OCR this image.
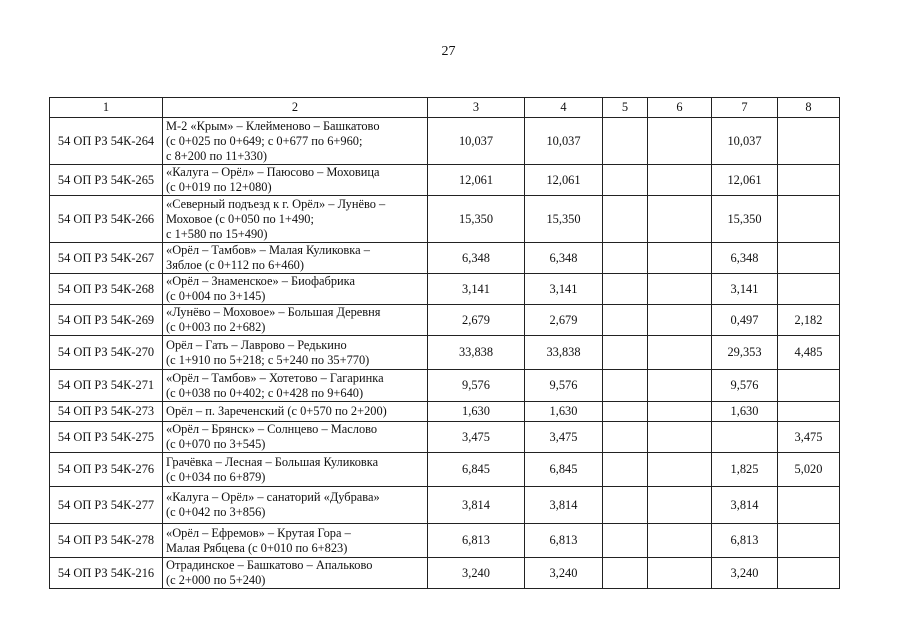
27
1	2	3	4	5	6	7	8
54 ОП РЗ 54К-264	М-2 «Крым» – Клейменово – Башкатово
(с 0+025 по 0+649; с 0+677 по 6+960;
с 8+200 по 11+330)	10,037	10,037			10,037	
54 ОП РЗ 54К-265	«Калуга – Орёл» – Паюсово – Моховица
(с 0+019 по 12+080)	12,061	12,061			12,061	
54 ОП РЗ 54К-266	«Северный подъезд к г. Орёл» – Лунёво –
Моховое (с 0+050 по 1+490;
с 1+580 по 15+490)	15,350	15,350			15,350	
54 ОП РЗ 54К-267	«Орёл – Тамбов» – Малая Куликовка –
Зяблое (с 0+112 по 6+460)	6,348	6,348			6,348	
54 ОП РЗ 54К-268	«Орёл – Знаменское» – Биофабрика
(с 0+004 по 3+145)	3,141	3,141			3,141	
54 ОП РЗ 54К-269	«Лунёво – Моховое» – Большая Деревня
(с 0+003 по 2+682)	2,679	2,679			0,497	2,182
54 ОП РЗ 54К-270	Орёл – Гать – Лаврово – Редькино
(с 1+910 по 5+218; с 5+240 по 35+770)	33,838	33,838			29,353	4,485
54 ОП РЗ 54К-271	«Орёл – Тамбов» – Хотетово – Гагаринка
(с 0+038 по 0+402; с 0+428 по 9+640)	9,576	9,576			9,576	
54 ОП РЗ 54К-273	Орёл – п. Зареченский (с 0+570 по 2+200)	1,630	1,630			1,630	
54 ОП РЗ 54К-275	«Орёл – Брянск» – Солнцево – Маслово
(с 0+070 по 3+545)	3,475	3,475				3,475
54 ОП РЗ 54К-276	Грачёвка – Лесная – Большая Куликовка
(с 0+034 по 6+879)	6,845	6,845			1,825	5,020
54 ОП РЗ 54К-277	«Калуга – Орёл» – санаторий «Дубрава»
(с 0+042 по 3+856)	3,814	3,814			3,814	
54 ОП РЗ 54К-278	«Орёл – Ефремов» – Крутая Гора –
Малая Рябцева (с 0+010 по 6+823)	6,813	6,813			6,813	
54 ОП РЗ 54К-216	Отрадинское – Башкатово – Апальково
(с 2+000 по 5+240)	3,240	3,240			3,240	
